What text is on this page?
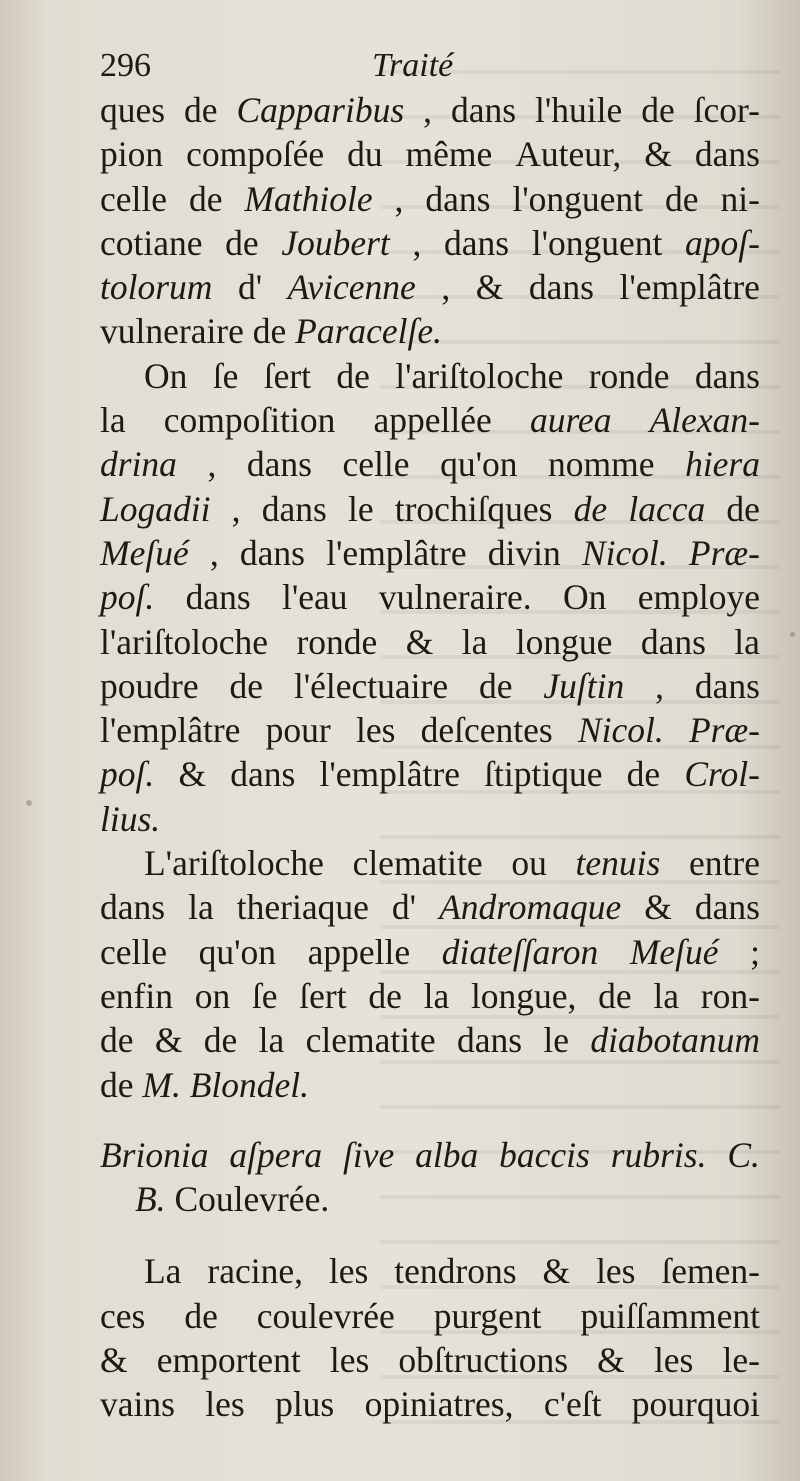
296	Traité
ques de Capparibus , dans l'huile de ſcor-
pion compoſée du même Auteur, & dans
celle de Mathiole , dans l'onguent de ni-
cotiane de Joubert , dans l'onguent apoſ-
tolorum d' Avicenne , & dans l'emplâtre
vulneraire de Paracelſe.
On ſe ſert de l'ariſtoloche ronde dans
la compoſition appellée aurea Alexan-
drina , dans celle qu'on nomme hiera
Logadii , dans le trochiſques de lacca de
Meſué , dans l'emplâtre divin Nicol. Præ-
poſ. dans l'eau vulneraire. On employe
l'ariſtoloche ronde & la longue dans la
poudre de l'électuaire de Juſtin , dans
l'emplâtre pour les deſcentes Nicol. Præ-
poſ. & dans l'emplâtre ſtiptique de Crol-
lius.
L'ariſtoloche clematite ou tenuis entre
dans la theriaque d' Andromaque & dans
celle qu'on appelle diateſſaron Meſué ;
enfin on ſe ſert de la longue, de la ron-
de & de la clematite dans le diabotanum
de M. Blondel.
Brionia aſpera ſive alba baccis rubris. C.
B. Coulevrée.
La racine, les tendrons & les ſemen-
ces de coulevrée purgent puiſſamment
& emportent les obſtructions & les le-
vains les plus opiniatres, c'eſt pourquoi
